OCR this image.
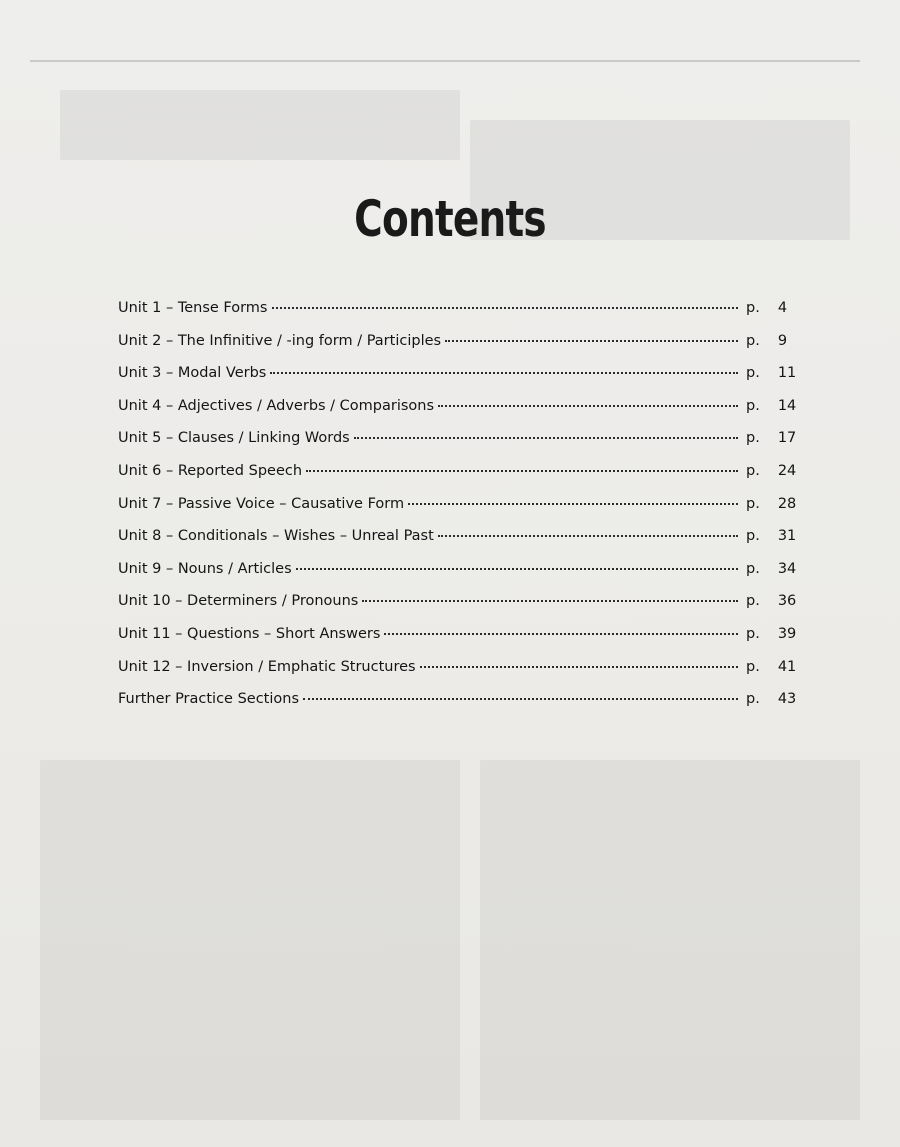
Contents
Unit 1 – Tense Forms	p. 4
Unit 2 – The Infinitive / -ing form / Participles	p. 9
Unit 3 – Modal Verbs	p. 11
Unit 4 – Adjectives / Adverbs / Comparisons	p. 14
Unit 5 – Clauses / Linking Words	p. 17
Unit 6 – Reported Speech	p. 24
Unit 7 – Passive Voice – Causative Form	p. 28
Unit 8 – Conditionals – Wishes – Unreal Past	p. 31
Unit 9 – Nouns / Articles	p. 34
Unit 10 – Determiners / Pronouns	p. 36
Unit 11 – Questions – Short Answers	p. 39
Unit 12 – Inversion / Emphatic Structures	p. 41
Further Practice Sections	p. 43
